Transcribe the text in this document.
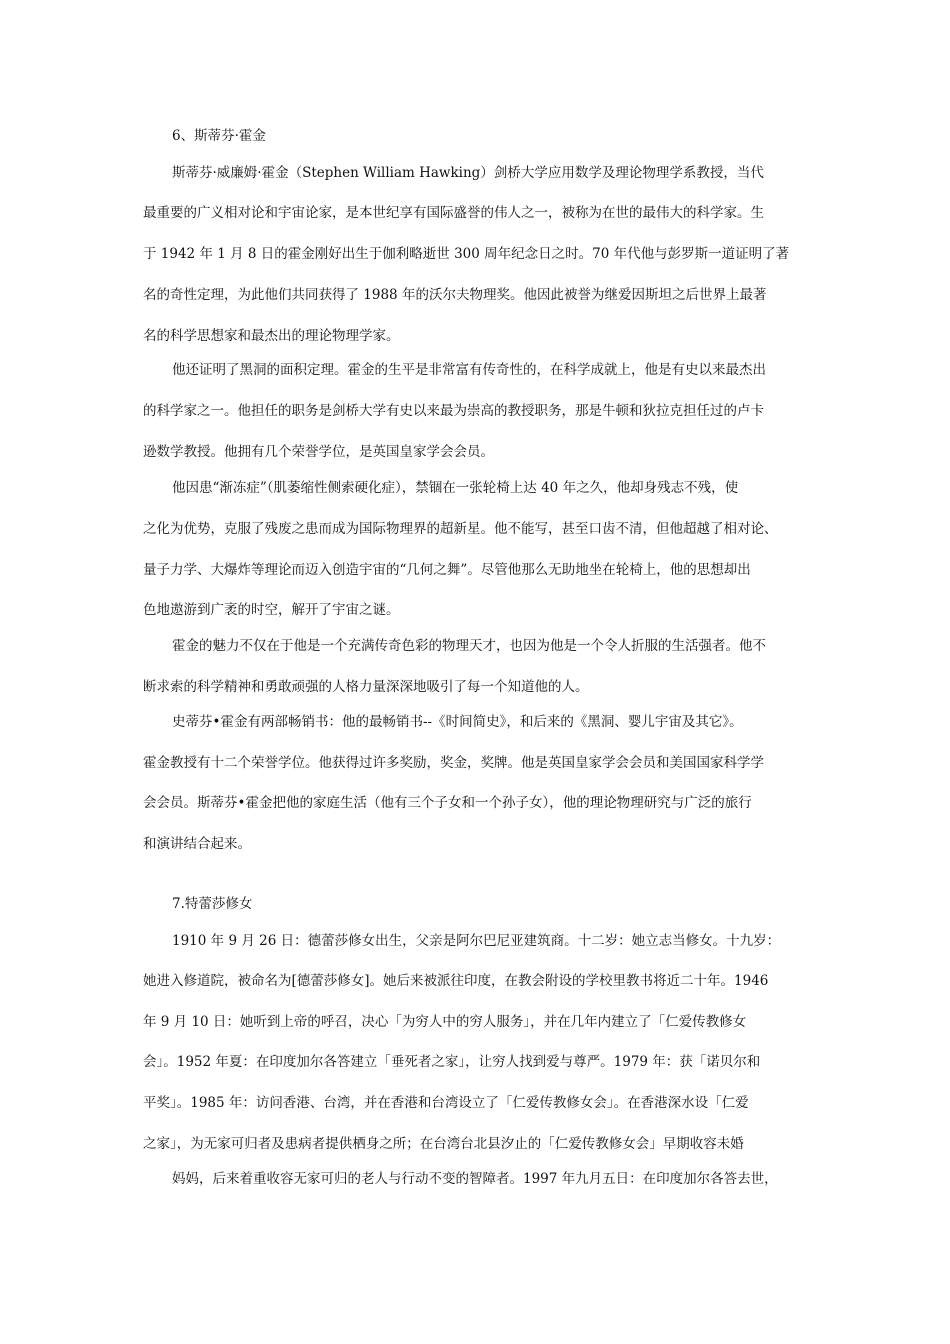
6、斯蒂芬·霍金
斯蒂芬·威廉姆·霍金（Stephen William Hawking）剑桥大学应用数学及理论物理学系教授，当代
最重要的广义相对论和宇宙论家，是本世纪享有国际盛誉的伟人之一，被称为在世的最伟大的科学家。生
于 1942 年 1 月 8 日的霍金刚好出生于伽利略逝世 300 周年纪念日之时。70 年代他与彭罗斯一道证明了著
名的奇性定理，为此他们共同获得了 1988 年的沃尔夫物理奖。他因此被誉为继爱因斯坦之后世界上最著
名的科学思想家和最杰出的理论物理学家。
他还证明了黑洞的面积定理。霍金的生平是非常富有传奇性的，在科学成就上，他是有史以来最杰出
的科学家之一。他担任的职务是剑桥大学有史以来最为崇高的教授职务，那是牛顿和狄拉克担任过的卢卡
逊数学教授。他拥有几个荣誉学位，是英国皇家学会会员。
他因患“渐冻症”（肌萎缩性侧索硬化症），禁锢在一张轮椅上达 40 年之久，他却身残志不残，使
之化为优势，克服了残废之患而成为国际物理界的超新星。他不能写，甚至口齿不清，但他超越了相对论、
量子力学、大爆炸等理论而迈入创造宇宙的“几何之舞”。尽管他那么无助地坐在轮椅上，他的思想却出
色地遨游到广袤的时空，解开了宇宙之谜。
霍金的魅力不仅在于他是一个充满传奇色彩的物理天才，也因为他是一个令人折服的生活强者。他不
断求索的科学精神和勇敢顽强的人格力量深深地吸引了每一个知道他的人。
史蒂芬•霍金有两部畅销书：他的最畅销书--《时间简史》，和后来的《黑洞、婴儿宇宙及其它》。
霍金教授有十二个荣誉学位。他获得过许多奖励，奖金，奖牌。他是英国皇家学会会员和美国国家科学学
会会员。斯蒂芬•霍金把他的家庭生活（他有三个子女和一个孙子女），他的理论物理研究与广泛的旅行
和演讲结合起来。
7.特蕾莎修女
1910 年 9 月 26 日：德蕾莎修女出生，父亲是阿尔巴尼亚建筑商。十二岁：她立志当修女。十九岁：
她进入修道院，被命名为[德蕾莎修女]。她后来被派往印度，在教会附设的学校里教书将近二十年。1946
年 9 月 10 日：她听到上帝的呼召，决心「为穷人中的穷人服务」，并在几年内建立了「仁爱传教修女
会」。1952 年夏：在印度加尔各答建立「垂死者之家」，让穷人找到爱与尊严。1979 年：获「诺贝尔和
平奖」。1985 年：访问香港、台湾，并在香港和台湾设立了「仁爱传教修女会」。在香港深水设「仁爱
之家」，为无家可归者及患病者提供栖身之所；在台湾台北县汐止的「仁爱传教修女会」早期收容未婚
妈妈，后来着重收容无家可归的老人与行动不变的智障者。1997 年九月五日：在印度加尔各答去世，
